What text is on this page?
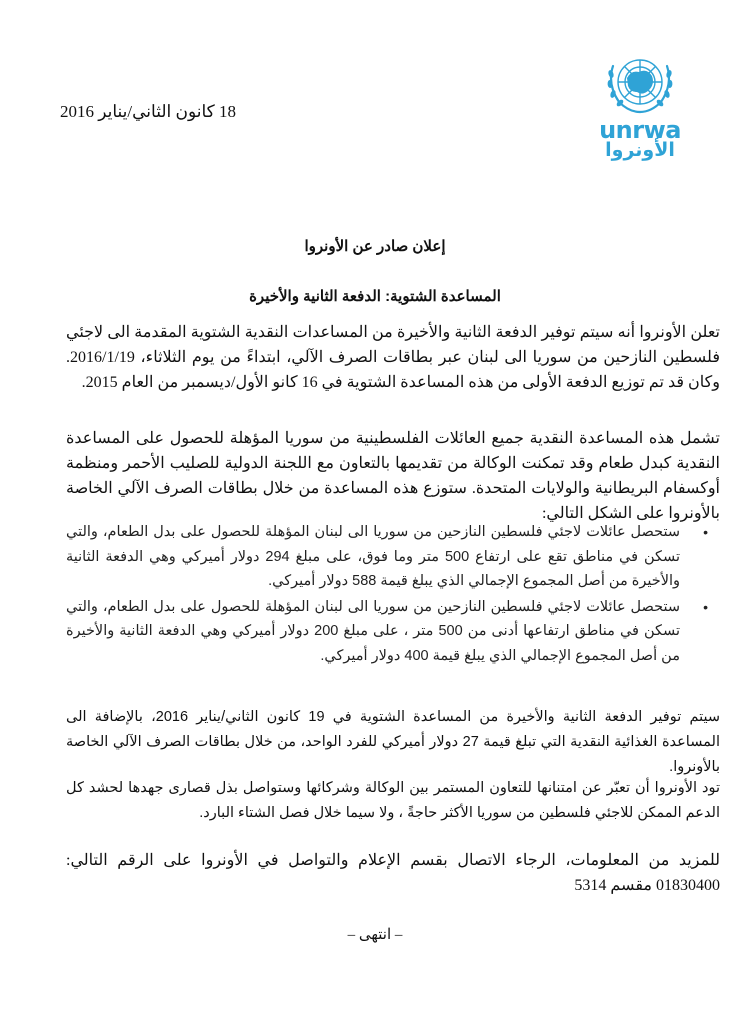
unrwa
الأونروا
18 كانون الثاني/يناير 2016
إعلان صادر عن الأونروا
المساعدة الشتوية: الدفعة الثانية والأخيرة
تعلن الأونروا أنه سيتم توفير الدفعة الثانية والأخيرة من المساعدات النقدية الشتوية المقدمة الى لاجئي فلسطين النازحين من سوريا الى لبنان عبر بطاقات الصرف الآلي، ابتداءً من يوم الثلاثاء، 2016/1/19. وكان قد تم توزيع الدفعة الأولى من هذه المساعدة الشتوية في 16 كانو الأول/ديسمبر من العام 2015.
تشمل هذه المساعدة النقدية جميع العائلات الفلسطينية من سوريا المؤهلة للحصول على المساعدة النقدية كبدل طعام وقد تمكنت الوكالة من تقديمها بالتعاون مع اللجنة الدولية للصليب الأحمر ومنظمة أوكسفام البريطانية والولايات المتحدة. ستوزع هذه المساعدة من خلال بطاقات الصرف الآلي الخاصة بالأونروا على الشكل التالي:
•
ستحصل عائلات لاجئي فلسطين النازحين من سوريا الى لبنان المؤهلة للحصول على بدل الطعام، والتي تسكن في مناطق تقع على ارتفاع 500 متر وما فوق، على مبلغ 294 دولار أميركي وهي الدفعة الثانية والأخيرة من أصل المجموع الإجمالي الذي يبلغ قيمة 588 دولار أميركي.
•
ستحصل عائلات لاجئي فلسطين النازحين من سوريا الى لبنان المؤهلة للحصول على بدل الطعام، والتي تسكن في مناطق ارتفاعها أدنى من 500 متر ، على مبلغ 200 دولار أميركي وهي الدفعة الثانية والأخيرة من أصل المجموع الإجمالي الذي يبلغ قيمة 400 دولار أميركي.
سيتم توفير الدفعة الثانية والأخيرة من المساعدة الشتوية في 19 كانون الثاني/يناير 2016، بالإضافة الى المساعدة الغذائية النقدية التي تبلغ قيمة 27 دولار أميركي للفرد الواحد، من خلال بطاقات الصرف الآلي الخاصة بالأونروا.
تود الأونروا أن تعبّر عن امتنانها للتعاون المستمر بين الوكالة وشركائها وستواصل بذل قصارى جهدها لحشد كل الدعم الممكن للاجئي فلسطين من سوريا الأكثر حاجةً ، ولا سيما خلال فصل الشتاء البارد.
للمزيد من المعلومات، الرجاء الاتصال بقسم الإعلام والتواصل في الأونروا على الرقم التالي: 01830400 مقسم 5314
– انتهى –
